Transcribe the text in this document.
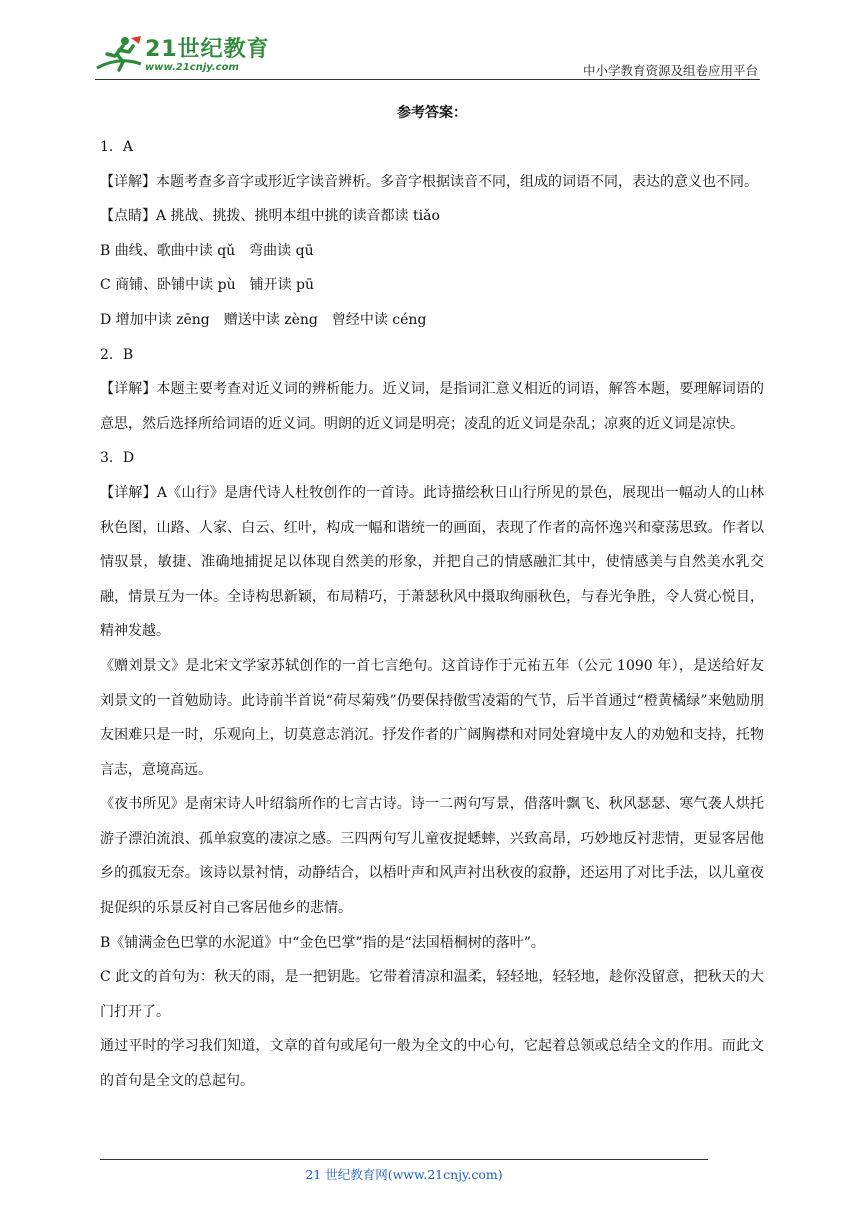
21世纪教育
www.21cnjy.com	中小学教育资源及组卷应用平台
参考答案：

1．A

【详解】本题考查多音字或形近字读音辨析。多音字根据读音不同，组成的词语不同，表达的意义也不同。

【点睛】A 挑战、挑拨、挑明本组中挑的读音都读 tiǎo

B 曲线、歌曲中读 qǔ　弯曲读 qū

C 商铺、卧铺中读 pù　铺开读 pū

D 增加中读 zēng　赠送中读 zèng　曾经中读 céng

2．B

【详解】本题主要考查对近义词的辨析能力。近义词，是指词汇意义相近的词语，解答本题，要理解词语的意思，然后选择所给词语的近义词。明朗的近义词是明亮；凌乱的近义词是杂乱；凉爽的近义词是凉快。

3．D

【详解】A《山行》是唐代诗人杜牧创作的一首诗。此诗描绘秋日山行所见的景色，展现出一幅动人的山林秋色图，山路、人家、白云、红叶，构成一幅和谐统一的画面，表现了作者的高怀逸兴和豪荡思致。作者以情驭景，敏捷、准确地捕捉足以体现自然美的形象，并把自己的情感融汇其中，使情感美与自然美水乳交融，情景互为一体。全诗构思新颖，布局精巧，于萧瑟秋风中摄取绚丽秋色，与春光争胜，令人赏心悦目，精神发越。

《赠刘景文》是北宋文学家苏轼创作的一首七言绝句。这首诗作于元祐五年（公元 1090 年），是送给好友刘景文的一首勉励诗。此诗前半首说“荷尽菊残”仍要保持傲雪凌霜的气节，后半首通过“橙黄橘绿”来勉励朋友困难只是一时，乐观向上，切莫意志消沉。抒发作者的广阔胸襟和对同处窘境中友人的劝勉和支持，托物言志，意境高远。

《夜书所见》是南宋诗人叶绍翁所作的七言古诗。诗一二两句写景，借落叶飘飞、秋风瑟瑟、寒气袭人烘托游子漂泊流浪、孤单寂寞的凄凉之感。三四两句写儿童夜捉蟋蟀，兴致高昂，巧妙地反衬悲情，更显客居他乡的孤寂无奈。该诗以景衬情，动静结合，以梧叶声和风声衬出秋夜的寂静，还运用了对比手法，以儿童夜捉促织的乐景反衬自己客居他乡的悲情。

B《铺满金色巴掌的水泥道》中“金色巴掌”指的是“法国梧桐树的落叶”。

C 此文的首句为：秋天的雨，是一把钥匙。它带着清凉和温柔，轻轻地，轻轻地，趁你没留意，把秋天的大门打开了。

通过平时的学习我们知道，文章的首句或尾句一般为全文的中心句，它起着总领或总结全文的作用。而此文的首句是全文的总起句。

21 世纪教育网(www.21cnjy.com)
